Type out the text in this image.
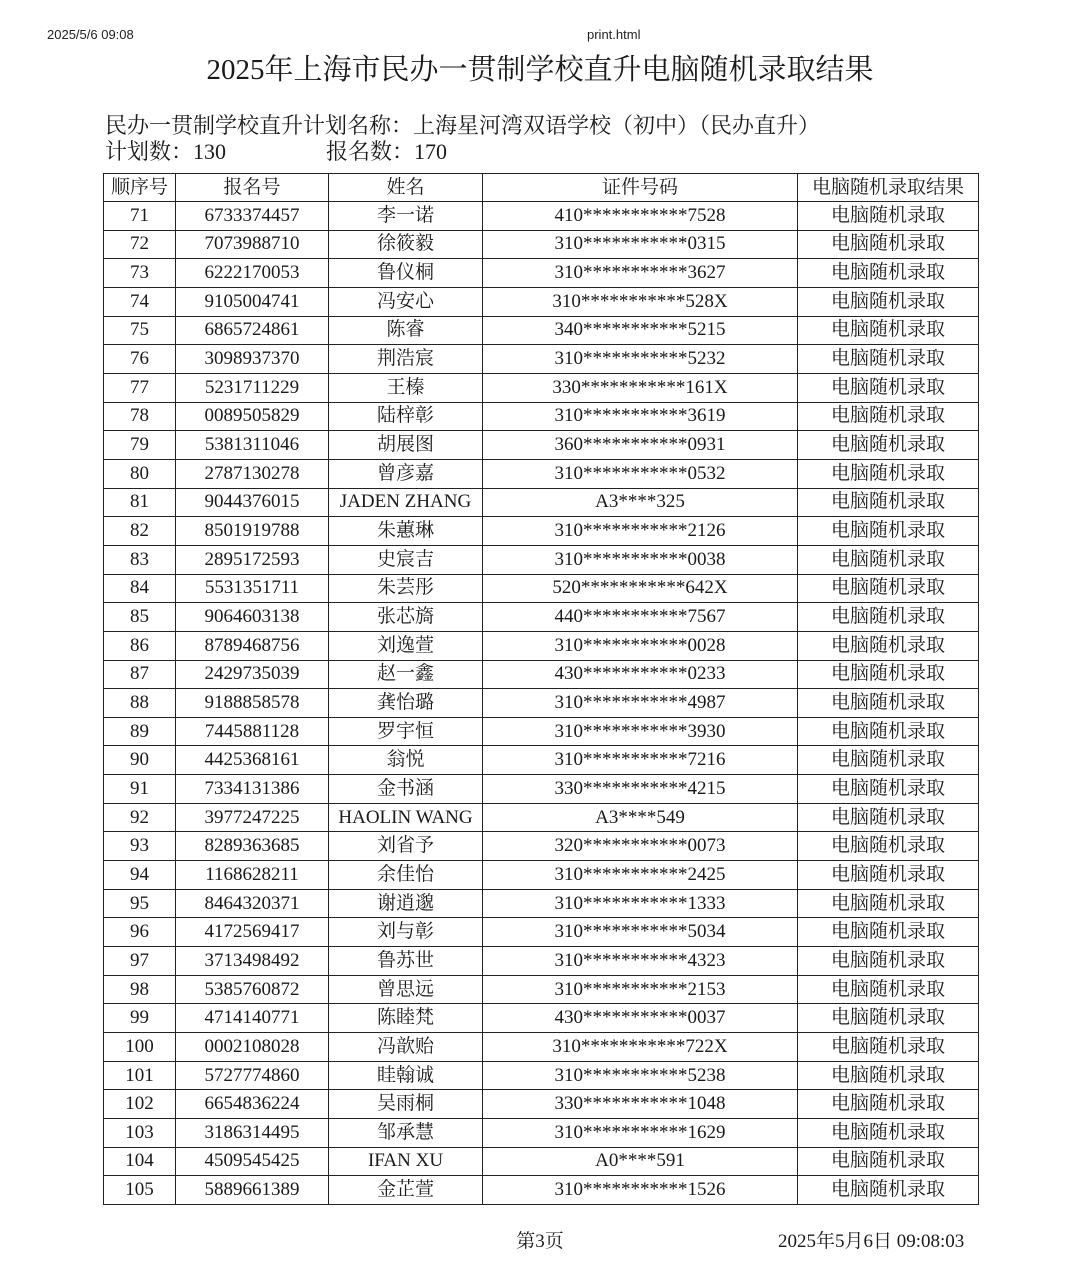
2025/5/6 09:08	print.html
2025年上海市民办一贯制学校直升电脑随机录取结果
民办一贯制学校直升计划名称：上海星河湾双语学校（初中）（民办直升）
计划数：130	报名数：170
顺序号	报名号	姓名	证件号码	电脑随机录取结果
71	6733374457	李一诺	410***********7528	电脑随机录取
72	7073988710	徐筱毅	310***********0315	电脑随机录取
73	6222170053	鲁仪桐	310***********3627	电脑随机录取
74	9105004741	冯安心	310***********528X	电脑随机录取
75	6865724861	陈睿	340***********5215	电脑随机录取
76	3098937370	荆浩宸	310***********5232	电脑随机录取
77	5231711229	王榛	330***********161X	电脑随机录取
78	0089505829	陆梓彰	310***********3619	电脑随机录取
79	5381311046	胡展图	360***********0931	电脑随机录取
80	2787130278	曾彦嘉	310***********0532	电脑随机录取
81	9044376015	JADEN ZHANG	A3****325	电脑随机录取
82	8501919788	朱蕙琳	310***********2126	电脑随机录取
83	2895172593	史宸吉	310***********0038	电脑随机录取
84	5531351711	朱芸彤	520***********642X	电脑随机录取
85	9064603138	张芯旖	440***********7567	电脑随机录取
86	8789468756	刘逸萱	310***********0028	电脑随机录取
87	2429735039	赵一鑫	430***********0233	电脑随机录取
88	9188858578	龚怡璐	310***********4987	电脑随机录取
89	7445881128	罗宇恒	310***********3930	电脑随机录取
90	4425368161	翁悦	310***********7216	电脑随机录取
91	7334131386	金书涵	330***********4215	电脑随机录取
92	3977247225	HAOLIN WANG	A3****549	电脑随机录取
93	8289363685	刘省予	320***********0073	电脑随机录取
94	1168628211	余佳怡	310***********2425	电脑随机录取
95	8464320371	谢逍邈	310***********1333	电脑随机录取
96	4172569417	刘与彰	310***********5034	电脑随机录取
97	3713498492	鲁苏世	310***********4323	电脑随机录取
98	5385760872	曾思远	310***********2153	电脑随机录取
99	4714140771	陈睦梵	430***********0037	电脑随机录取
100	0002108028	冯歆贻	310***********722X	电脑随机录取
101	5727774860	眭翰诚	310***********5238	电脑随机录取
102	6654836224	吴雨桐	330***********1048	电脑随机录取
103	3186314495	邹承慧	310***********1629	电脑随机录取
104	4509545425	IFAN XU	A0****591	电脑随机录取
105	5889661389	金芷萱	310***********1526	电脑随机录取
第3页	2025年5月6日 09:08:03
